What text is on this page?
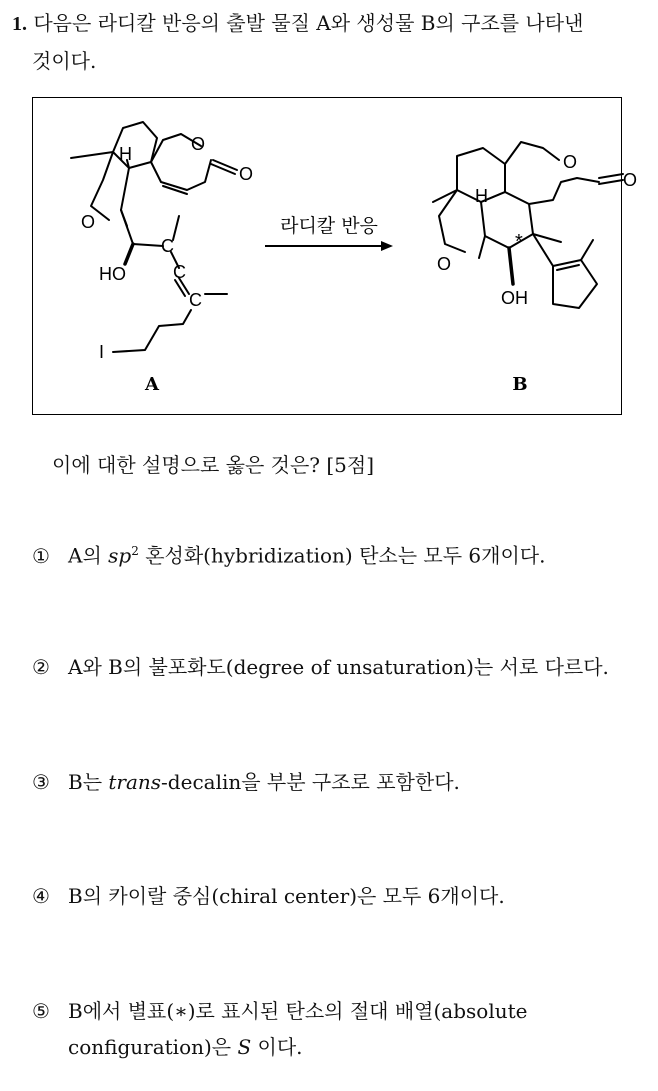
1. 다음은 라디칼 반응의 출발 물질 A와 생성물 B의 구조를 나타낸
것이다.
H	O
O
O
HO
C
C
C
I
A
라디칼 반응
H
O
O
O
OH
*
B
이에 대한 설명으로 옳은 것은? [5점]
① A의 $sp^2$ 혼성화(hybridization) 탄소는 모두 6개이다.
② A와 B의 불포화도(degree of unsaturation)는 서로 다르다.
③ B는 trans-decalin을 부분 구조로 포함한다.
④ B의 카이랄 중심(chiral center)은 모두 6개이다.
⑤ B에서 별표(∗)로 표시된 탄소의 절대 배열(absolute
configuration)은 S 이다.
